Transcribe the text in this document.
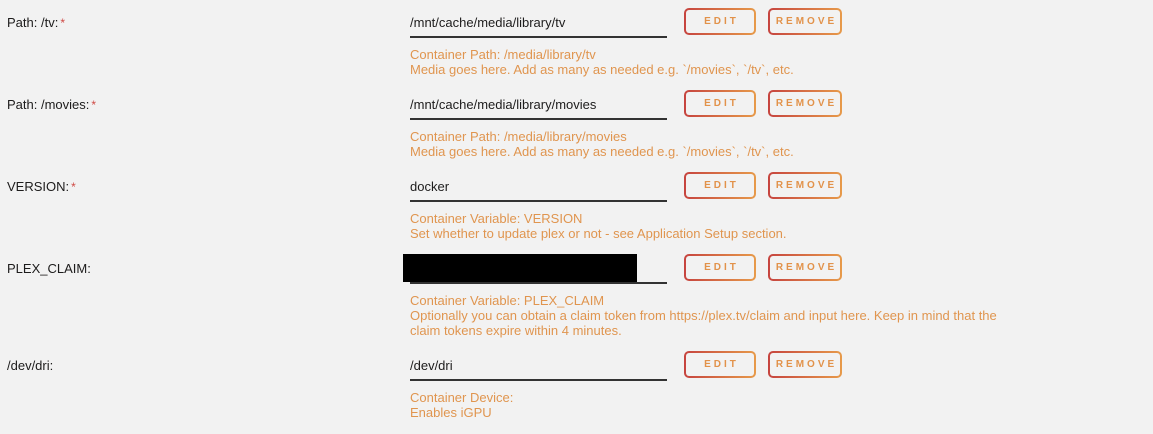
Path: /tv: *
/mnt/cache/media/library/tv	EDIT	REMOVE

Container Path: /media/library/tv

Media goes here. Add as many as needed e.g. `/movies`, `/tv`, etc.

Path: /movies: *
/mnt/cache/media/library/movies	EDIT	REMOVE

Container Path: /media/library/movies

Media goes here. Add as many as needed e.g. `/movies`, `/tv`, etc.

VERSION: *
docker	EDIT	REMOVE

Container Variable: VERSION

Set whether to update plex or not - see Application Setup section.

PLEX_CLAIM:	EDIT	REMOVE

Container Variable: PLEX_CLAIM

Optionally you can obtain a claim token from https://plex.tv/claim and input here. Keep in mind that the claim tokens expire within 4 minutes.

/dev/dri:
/dev/dri	EDIT	REMOVE

Container Device:

Enables iGPU
